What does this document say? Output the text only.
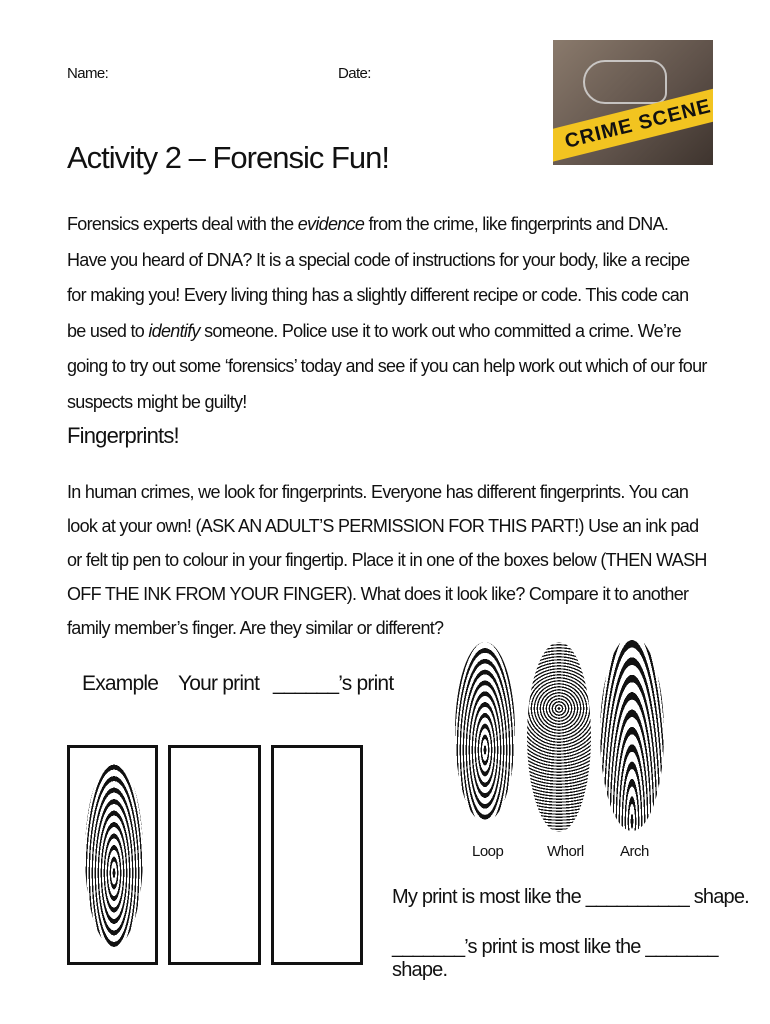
Name:	Date:
CRIME SCENE
Activity 2 – Forensic Fun!
Forensics experts deal with the evidence from the crime, like fingerprints and DNA. Have you heard of DNA? It is a special code of instructions for your body, like a recipe for making you! Every living thing has a slightly different recipe or code. This code can be used to identify someone. Police use it to work out who committed a crime. We’re going to try out some ‘forensics’ today and see if you can help work out which of our four suspects might be guilty!
Fingerprints!
In human crimes, we look for fingerprints. Everyone has different fingerprints. You can look at your own! (ASK AN ADULT’S PERMISSION FOR THIS PART!) Use an ink pad or felt tip pen to colour in your fingertip. Place it in one of the boxes below (THEN WASH OFF THE INK FROM YOUR FINGER). What does it look like? Compare it to another family member’s finger. Are they similar or different?
Example Your print ______’s print
Loop	Whorl Arch
My print is most like the __________ shape.
_______’s print is most like the _______ shape.
